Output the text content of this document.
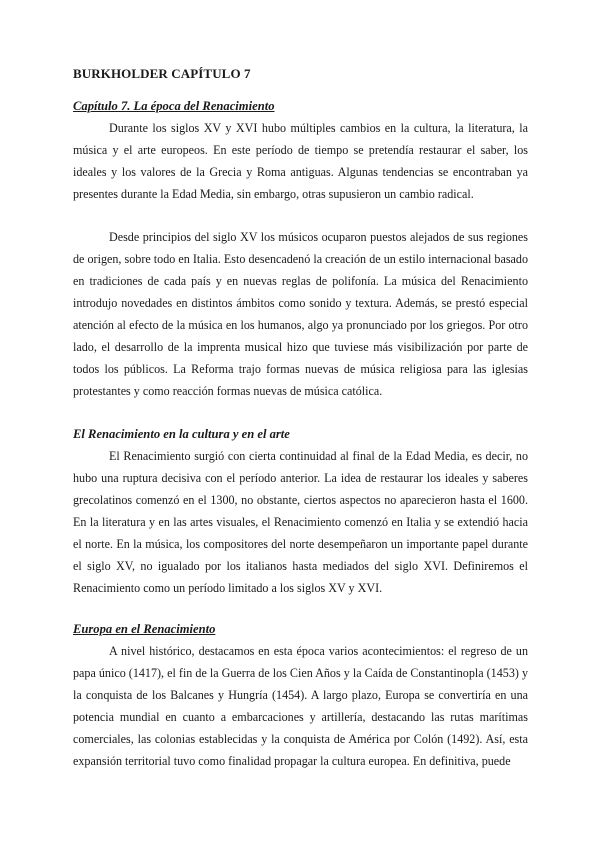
BURKHOLDER CAPÍTULO 7
Capítulo 7. La época del Renacimiento

Durante los siglos XV y XVI hubo múltiples cambios en la cultura, la literatura, la música y el arte europeos. En este período de tiempo se pretendía restaurar el saber, los ideales y los valores de la Grecia y Roma antiguas. Algunas tendencias se encontraban ya presentes durante la Edad Media, sin embargo, otras supusieron un cambio radical.

Desde principios del siglo XV los músicos ocuparon puestos alejados de sus regiones de origen, sobre todo en Italia. Esto desencadenó la creación de un estilo internacional basado en tradiciones de cada país y en nuevas reglas de polifonía. La música del Renacimiento introdujo novedades en distintos ámbitos como sonido y textura. Además, se prestó especial atención al efecto de la música en los humanos, algo ya pronunciado por los griegos. Por otro lado, el desarrollo de la imprenta musical hizo que tuviese más visibilización por parte de todos los públicos. La Reforma trajo formas nuevas de música religiosa para las iglesias protestantes y como reacción formas nuevas de música católica.

El Renacimiento en la cultura y en el arte

El Renacimiento surgió con cierta continuidad al final de la Edad Media, es decir, no hubo una ruptura decisiva con el período anterior. La idea de restaurar los ideales y saberes grecolatinos comenzó en el 1300, no obstante, ciertos aspectos no aparecieron hasta el 1600. En la literatura y en las artes visuales, el Renacimiento comenzó en Italia y se extendió hacia el norte. En la música, los compositores del norte desempeñaron un importante papel durante el siglo XV, no igualado por los italianos hasta mediados del siglo XVI. Definiremos el Renacimiento como un período limitado a los siglos XV y XVI.

Europa en el Renacimiento

A nivel histórico, destacamos en esta época varios acontecimientos: el regreso de un papa único (1417), el fin de la Guerra de los Cien Años y la Caída de Constantinopla (1453) y la conquista de los Balcanes y Hungría (1454). A largo plazo, Europa se convertiría en una potencia mundial en cuanto a embarcaciones y artillería, destacando las rutas marítimas comerciales, las colonias establecidas y la conquista de América por Colón (1492). Así, esta expansión territorial tuvo como finalidad propagar la cultura europea. En definitiva, puede
